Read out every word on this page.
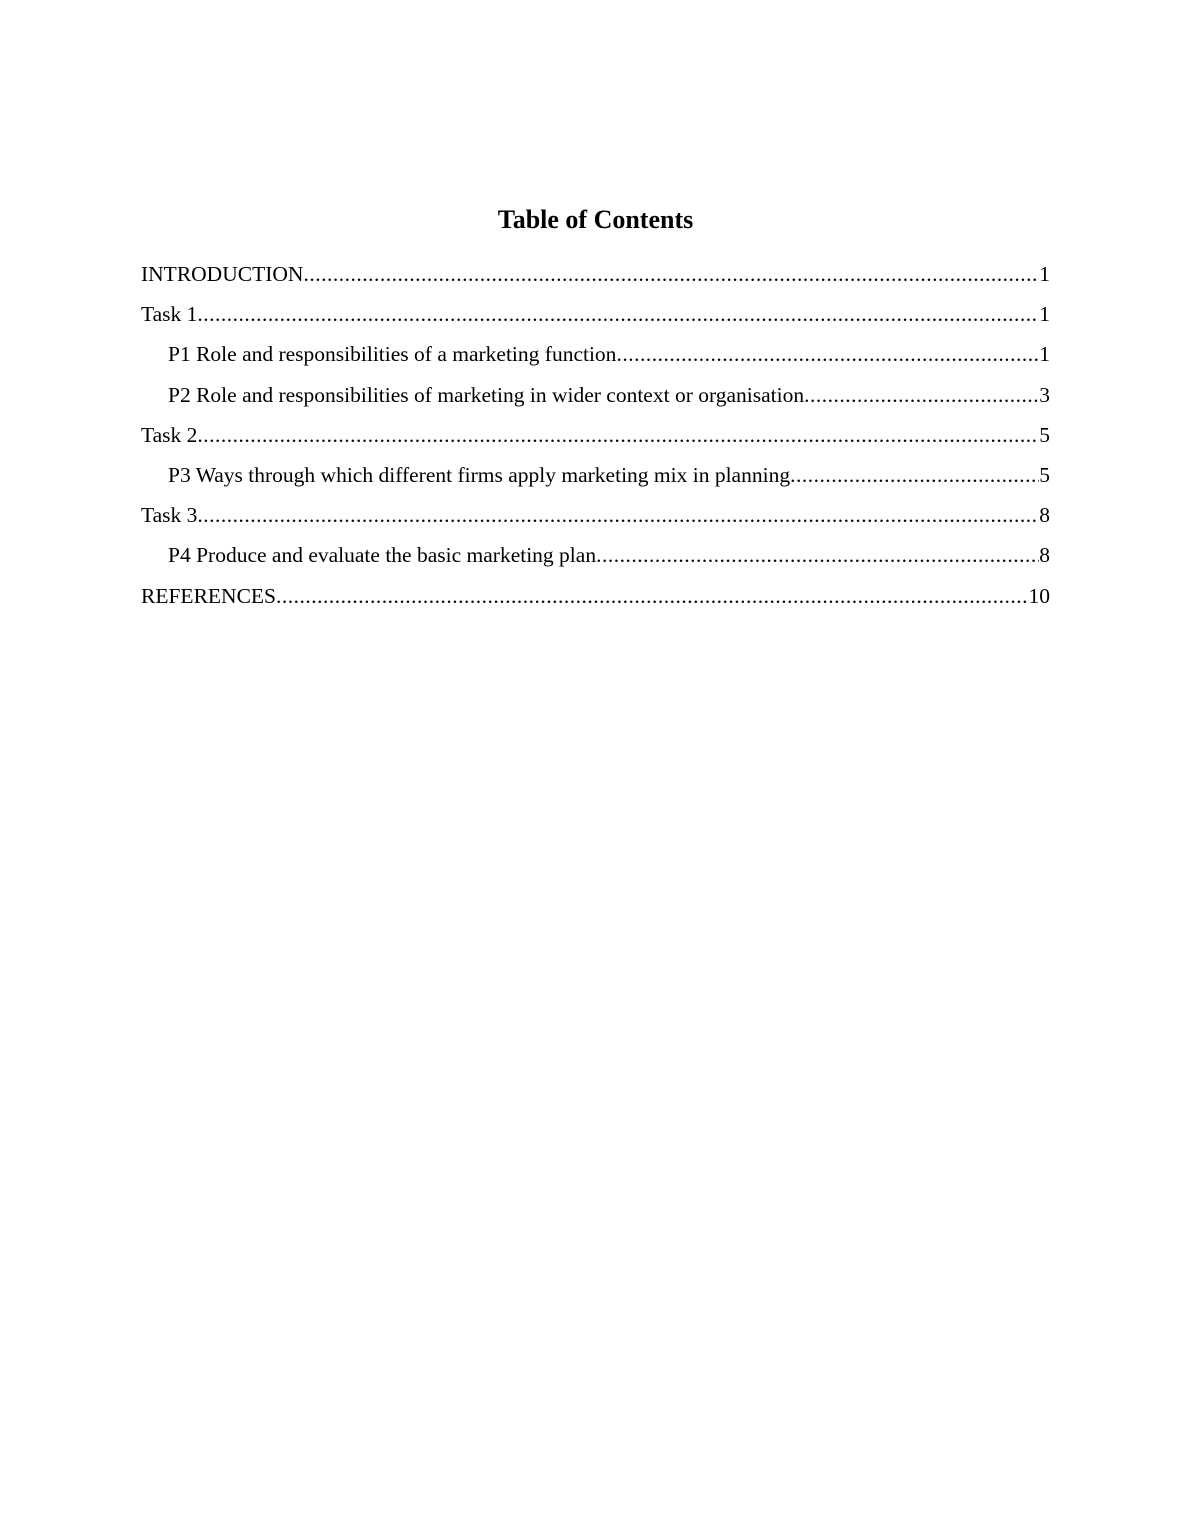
Table of Contents
INTRODUCTION .....	1
Task 1 .....	1
P1 Role and responsibilities of a marketing function .....	1
P2 Role and responsibilities of marketing in wider context or organisation .....	3
Task 2 .....	5
P3 Ways through which different firms apply marketing mix in planning .....	5
Task 3 .....	8
P4 Produce and evaluate the basic marketing plan .....	8
REFERENCES .....	10
